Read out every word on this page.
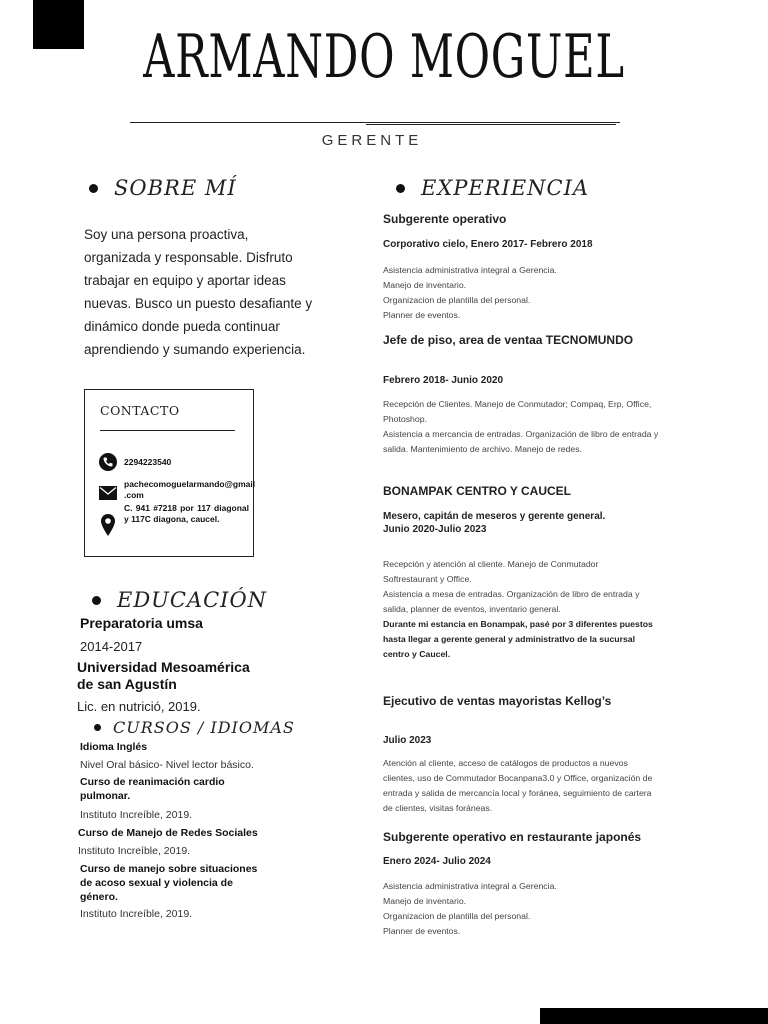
ARMANDO MOGUEL
GERENTE
SOBRE MÍ
Soy una persona proactiva, organizada y responsable. Disfruto trabajar en equipo y aportar ideas nuevas. Busco un puesto desafiante y dinámico donde pueda continuar aprendiendo y sumando experiencia.
CONTACTO
2294223540
pachecomoguelarmando@gmail
.com
C. 941 #7218 por 117 diagonal y 117C diagona, caucel.
EDUCACIÓN
Preparatoria umsa
2014-2017
Universidad Mesoamérica
de san Agustín
Lic. en nutrició, 2019.
CURSOS / IDIOMAS
Idioma Inglés
Nivel Oral básico- Nivel lector básico.
Curso de reanimación cardio
pulmonar.
Instituto Increíble, 2019.
Curso de Manejo de Redes Sociales
Instituto Increíble, 2019.
Curso de manejo sobre situaciones
de acoso sexual y violencia de
género.
Instituto Increíble, 2019.
EXPERIENCIA
Subgerente operativo
Corporativo cielo, Enero 2017- Febrero 2018
Asistencia administrativa integral a Gerencia.
Manejo de inventario.
Organizacion de plantilla del personal.
Planner de eventos.
Jefe de piso, area de ventaa TECNOMUNDO
Febrero 2018- Junio 2020
Recepción de Clientes. Manejo de Conmutador; Compaq, Erp, Office,
Photoshop.
Asistencia a mercancia de entradas. Organización de libro de entrada y
salida. Mantenimiento de archivo. Manejo de redes.
BONAMPAK CENTRO Y CAUCEL
Mesero, capitán de meseros y gerente general.
Junio 2020-Julio 2023
Recepción y atención al cliente. Manejo de Conmutador
Softrestaurant y Office.
Asistencia a mesa de entradas. Organización de libro de entrada y
salida, planner de eventos, inventario general.
Durante mi estancia en Bonampak, pasé por 3 diferentes puestos
hasta llegar a gerente general y administratIvo de la sucursal
centro y Caucel.
Ejecutivo de ventas mayoristas Kellog’s
Julio 2023
Atención al cliente, acceso de catálogos de productos a nuevos
clientes, uso de Commutador Bocanpana3.0 y Office, organización de
entrada y salida de mercancía local y foránea, seguimiento de cartera
de clientes, visitas foráneas.
Subgerente operativo en restaurante japonés
Enero 2024- Julio 2024
Asistencia administrativa integral a Gerencia.
Manejo de inventario.
Organizacion de plantilla del personal.
Planner de eventos.
